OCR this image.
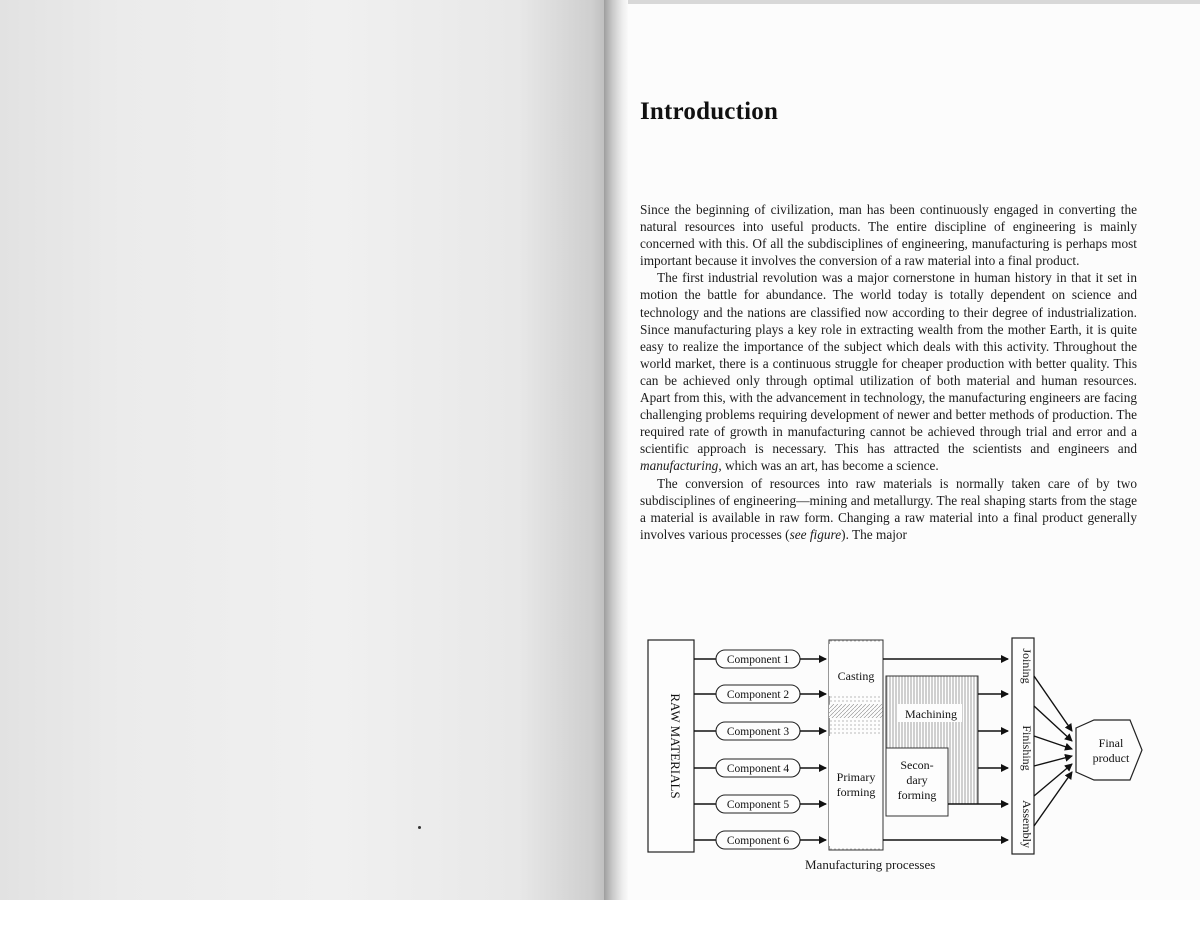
Introduction

Since the beginning of civilization, man has been continuously engaged in converting the natural resources into useful products. The entire discipline of engineering is mainly concerned with this. Of all the subdisciplines of engineering, manufacturing is perhaps most important because it involves the conversion of a raw material into a final product.

The first industrial revolution was a major cornerstone in human history in that it set in motion the battle for abundance. The world today is totally dependent on science and technology and the nations are classified now according to their degree of industrialization. Since manufacturing plays a key role in extracting wealth from the mother Earth, it is quite easy to realize the importance of the subject which deals with this activity. Throughout the world market, there is a continuous struggle for cheaper production with better quality. This can be achieved only through optimal utilization of both material and human resources. Apart from this, with the advancement in technology, the manufacturing engineers are facing challenging problems requiring development of newer and better methods of production. The required rate of growth in manufacturing cannot be achieved through trial and error and a scientific approach is necessary. This has attracted the scientists and engineers and manufacturing, which was an art, has become a science.

The conversion of resources into raw materials is normally taken care of by two subdisciplines of engineering—mining and metallurgy. The real shaping starts from the stage a material is available in raw form. Changing a raw material into a final product generally involves various processes (see figure). The major

RAW MATERIALS
Component 1
Component 2
Component 3
Component 4
Component 5
Component 6
Casting
Primary
forming
Machining
Secon-
dary
forming
Joining
Finishing
Assembly
Final
product
Manufacturing processes
